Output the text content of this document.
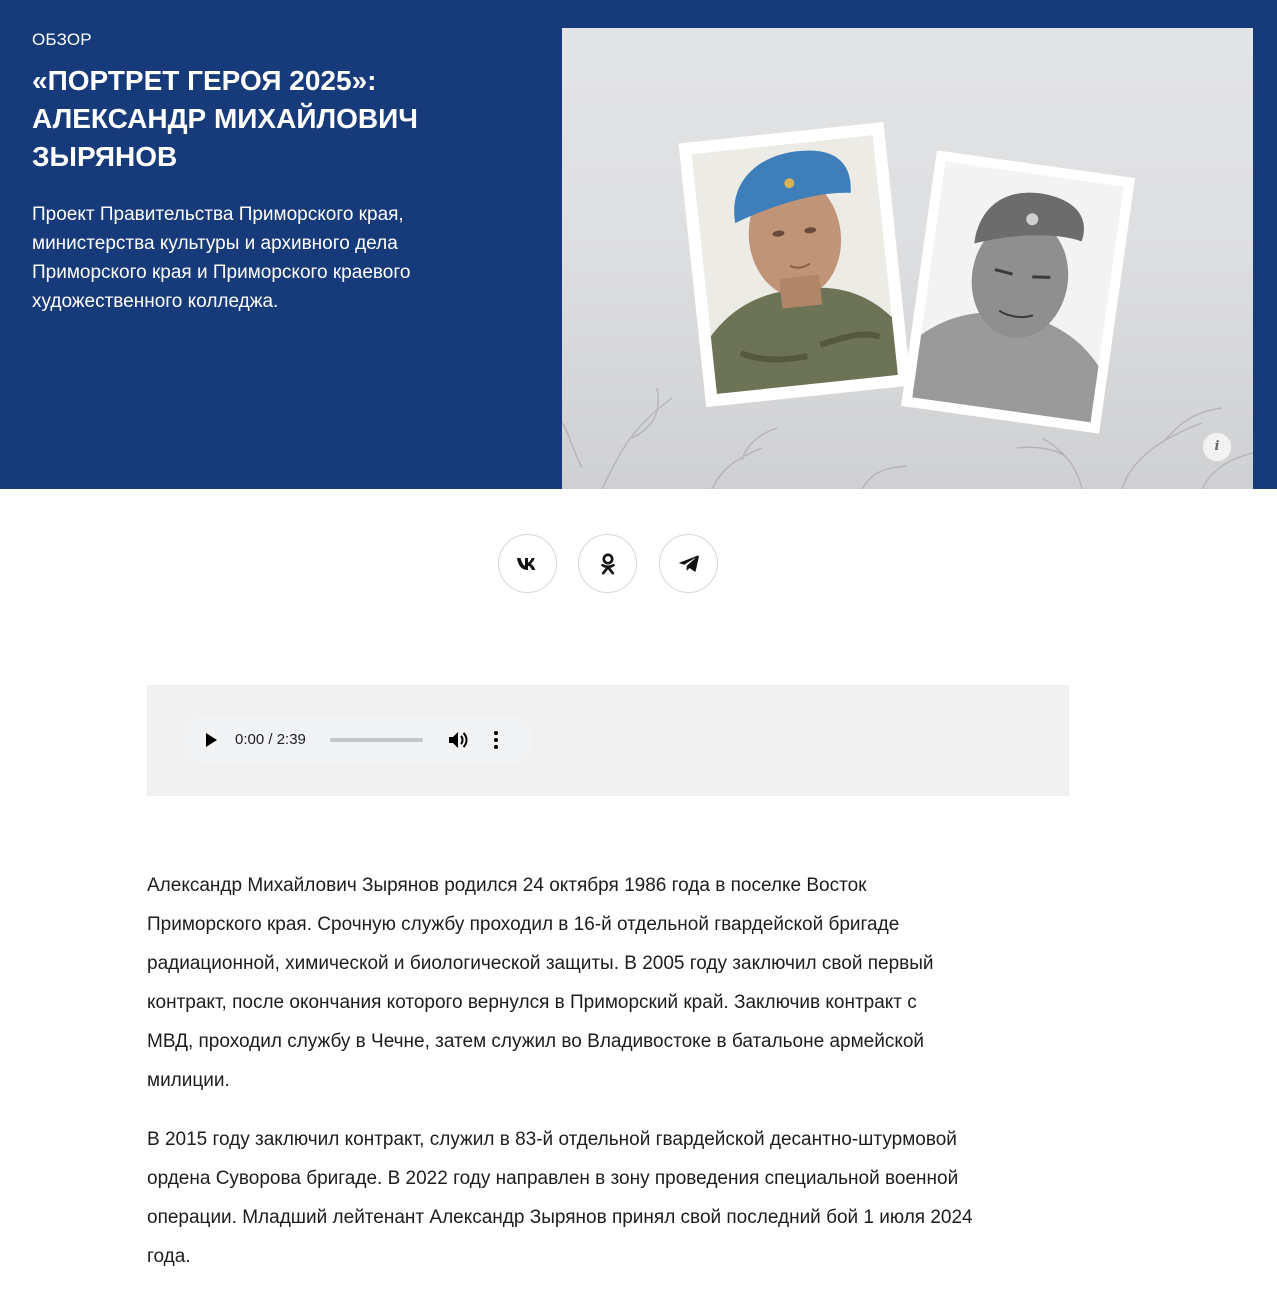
ОБЗОР
«ПОРТРЕТ ГЕРОЯ 2025»:
АЛЕКСАНДР МИХАЙЛОВИЧ
ЗЫРЯНОВ

Проект Правительства Приморского края,
министерства культуры и архивного дела
Приморского края и Приморского краевого
художественного колледжа.

i
0:00 / 2:39

Александр Михайлович Зырянов родился 24 октября 1986 года в поселке Восток
Приморского края. Срочную службу проходил в 16-й отдельной гвардейской бригаде
радиационной, химической и биологической защиты. В 2005 году заключил свой первый
контракт, после окончания которого вернулся в Приморский край. Заключив контракт с
МВД, проходил службу в Чечне, затем служил во Владивостоке в батальоне армейской
милиции.

В 2015 году заключил контракт, служил в 83-й отдельной гвардейской десантно-штурмовой
ордена Суворова бригаде. В 2022 году направлен в зону проведения специальной военной
операции. Младший лейтенант Александр Зырянов принял свой последний бой 1 июля 2024
года.
